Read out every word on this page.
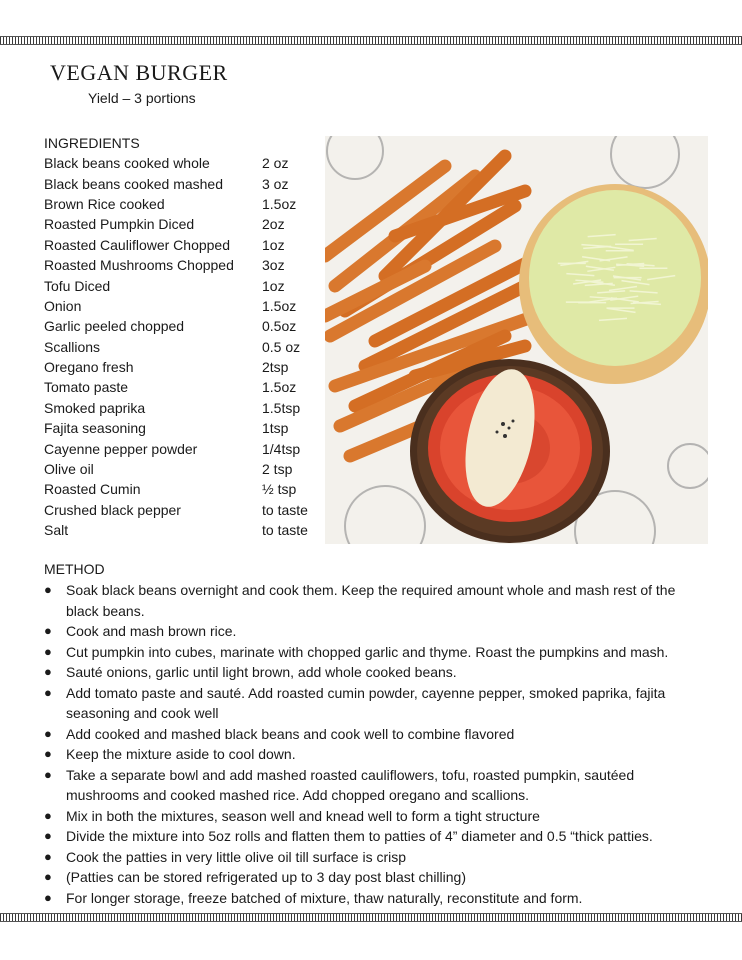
VEGAN BURGER
Yield – 3 portions
INGREDIENTS
Black beans cooked whole	2 oz
Black beans cooked mashed	3 oz
Brown Rice cooked	1.5oz
Roasted Pumpkin Diced	2oz
Roasted Cauliflower Chopped	1oz
Roasted Mushrooms Chopped	3oz
Tofu Diced	1oz
Onion	1.5oz
Garlic peeled chopped	0.5oz
Scallions	0.5 oz
Oregano fresh	2tsp
Tomato paste	1.5oz
Smoked paprika	1.5tsp
Fajita seasoning	1tsp
Cayenne pepper powder	1/4tsp
Olive oil	2 tsp
Roasted Cumin	½ tsp
Crushed black pepper	to taste
Salt	to taste
METHOD
● Soak black beans overnight and cook them. Keep the required amount whole and mash rest of the black beans.
● Cook and mash brown rice.
● Cut pumpkin into cubes, marinate with chopped garlic and thyme. Roast the pumpkins and mash.
● Sauté onions, garlic until light brown, add whole cooked beans.
● Add tomato paste and sauté. Add roasted cumin powder, cayenne pepper, smoked paprika, fajita seasoning and cook well
● Add cooked and mashed black beans and cook well to combine flavored
● Keep the mixture aside to cool down.
● Take a separate bowl and add mashed roasted cauliflowers, tofu, roasted pumpkin, sautéed mushrooms and cooked mashed rice. Add chopped oregano and scallions.
● Mix in both the mixtures, season well and knead well to form a tight structure
● Divide the mixture into 5oz rolls and flatten them to patties of 4” diameter and 0.5 “thick patties.
● Cook the patties in very little olive oil till surface is crisp
● (Patties can be stored refrigerated up to 3 day post blast chilling)
● For longer storage, freeze batched of mixture, thaw naturally, reconstitute and form.
